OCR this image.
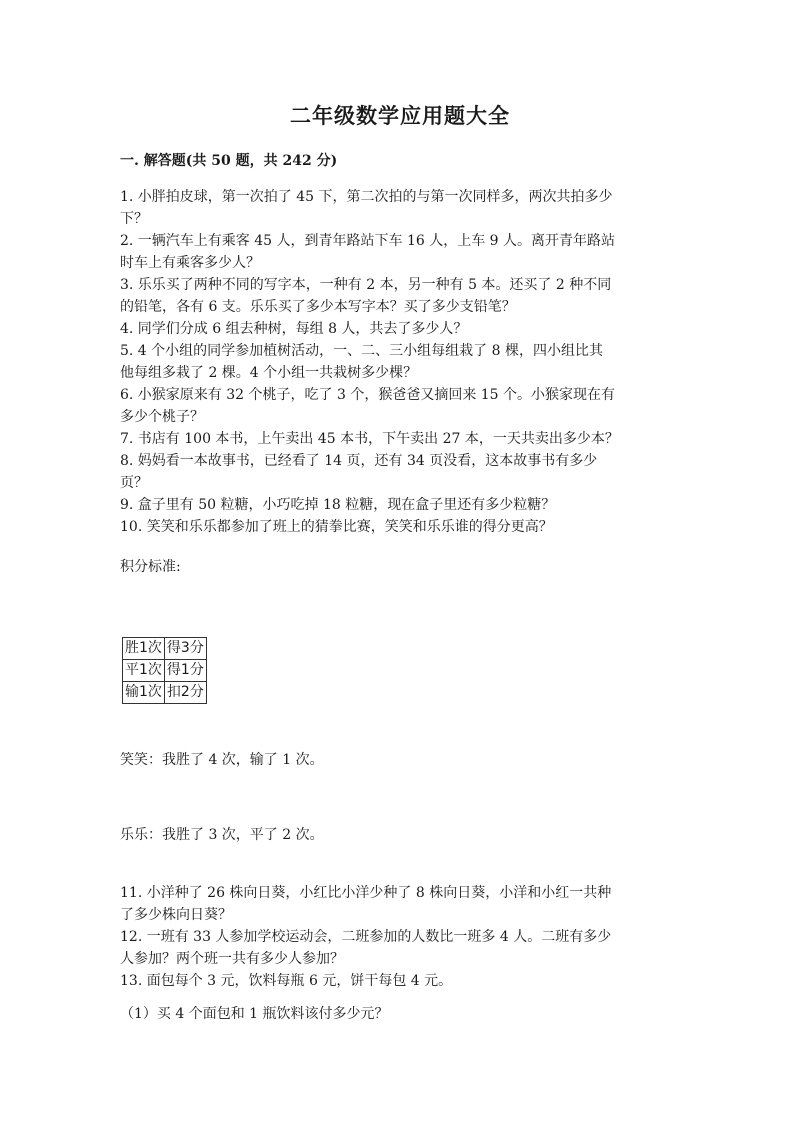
二年级数学应用题大全
一. 解答题(共 50 题，共 242 分)
1. 小胖拍皮球，第一次拍了 45 下，第二次拍的与第一次同样多，两次共拍多少
下？
2. 一辆汽车上有乘客 45 人，到青年路站下车 16 人，上车 9 人。离开青年路站
时车上有乘客多少人？
3. 乐乐买了两种不同的写字本，一种有 2 本，另一种有 5 本。还买了 2 种不同
的铅笔，各有 6 支。乐乐买了多少本写字本？买了多少支铅笔？
4. 同学们分成 6 组去种树，每组 8 人，共去了多少人？
5. 4 个小组的同学参加植树活动，一、二、三小组每组栽了 8 棵，四小组比其
他每组多栽了 2 棵。4 个小组一共栽树多少棵？
6. 小猴家原来有 32 个桃子，吃了 3 个，猴爸爸又摘回来 15 个。小猴家现在有
多少个桃子？
7. 书店有 100 本书，上午卖出 45 本书，下午卖出 27 本，一天共卖出多少本？
8. 妈妈看一本故事书，已经看了 14 页，还有 34 页没看，这本故事书有多少
页？
9. 盒子里有 50 粒糖，小巧吃掉 18 粒糖，现在盒子里还有多少粒糖？
10. 笑笑和乐乐都参加了班上的猜拳比赛，笑笑和乐乐谁的得分更高？
积分标准:
胜1次	得3分
平1次	得1分
输1次	扣2分
笑笑：我胜了 4 次，输了 1 次。
乐乐：我胜了 3 次，平了 2 次。
11. 小洋种了 26 株向日葵，小红比小洋少种了 8 株向日葵，小洋和小红一共种
了多少株向日葵？
12. 一班有 33 人参加学校运动会，二班参加的人数比一班多 4 人。二班有多少
人参加？两个班一共有多少人参加？
13. 面包每个 3 元，饮料每瓶 6 元，饼干每包 4 元。
（1）买 4 个面包和 1 瓶饮料该付多少元？
